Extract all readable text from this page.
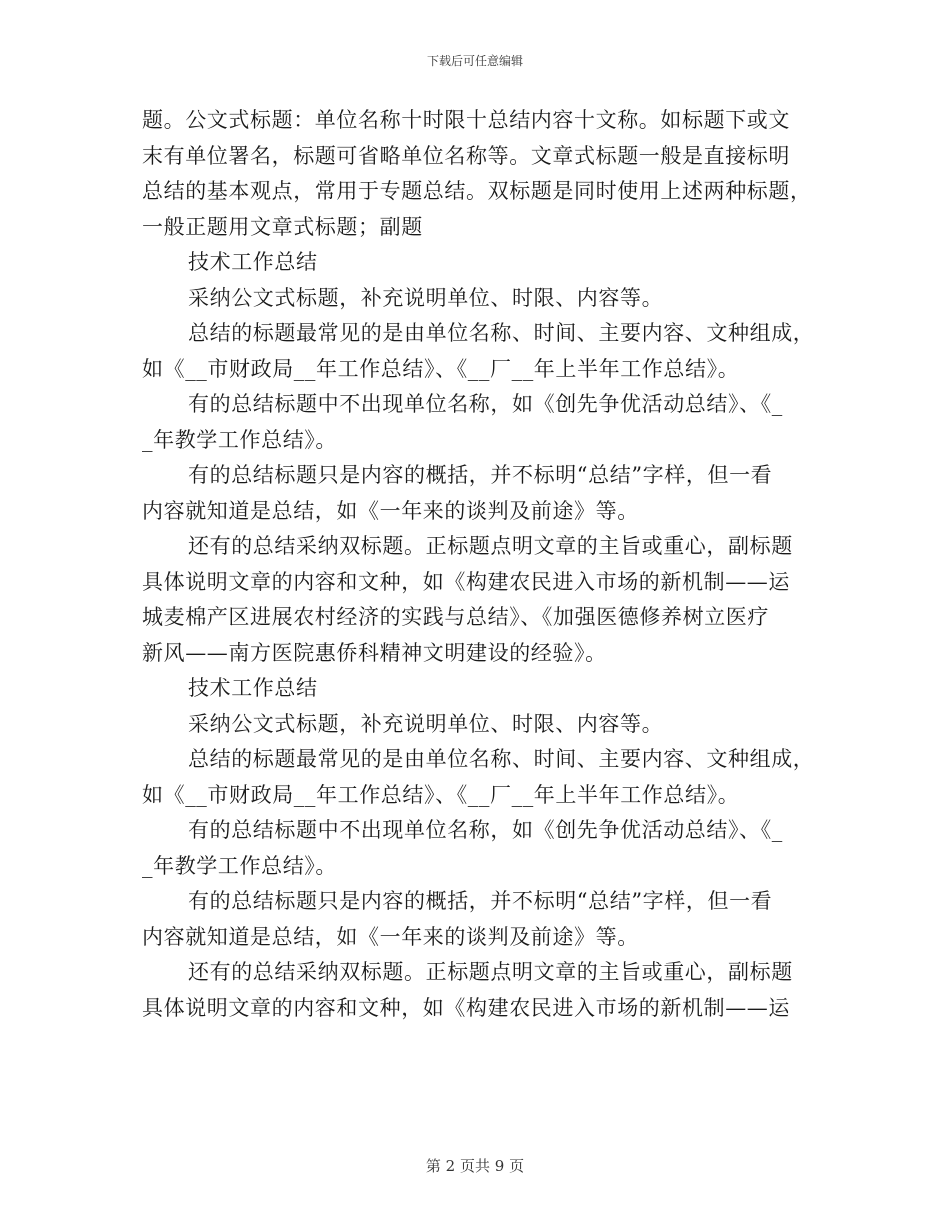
下载后可任意编辑
题。公文式标题：单位名称十时限十总结内容十文称。如标题下或文
末有单位署名，标题可省略单位名称等。文章式标题一般是直接标明
总结的基本观点，常用于专题总结。双标题是同时使用上述两种标题，
一般正题用文章式标题；副题
技术工作总结
采纳公文式标题，补充说明单位、时限、内容等。
总结的标题最常见的是由单位名称、时间、主要内容、文种组成，
如《__市财政局__年工作总结》、《__厂__年上半年工作总结》。
有的总结标题中不出现单位名称，如《创先争优活动总结》、《_
_年教学工作总结》。
有的总结标题只是内容的概括，并不标明“总结”字样，但一看
内容就知道是总结，如《一年来的谈判及前途》等。
还有的总结采纳双标题。正标题点明文章的主旨或重心，副标题
具体说明文章的内容和文种，如《构建农民进入市场的新机制——运
城麦棉产区进展农村经济的实践与总结》、《加强医德修养树立医疗
新风——南方医院惠侨科精神文明建设的经验》。
技术工作总结
采纳公文式标题，补充说明单位、时限、内容等。
总结的标题最常见的是由单位名称、时间、主要内容、文种组成，
如《__市财政局__年工作总结》、《__厂__年上半年工作总结》。
有的总结标题中不出现单位名称，如《创先争优活动总结》、《_
_年教学工作总结》。
有的总结标题只是内容的概括，并不标明“总结”字样，但一看
内容就知道是总结，如《一年来的谈判及前途》等。
还有的总结采纳双标题。正标题点明文章的主旨或重心，副标题
具体说明文章的内容和文种，如《构建农民进入市场的新机制——运
第 2 页共 9 页
